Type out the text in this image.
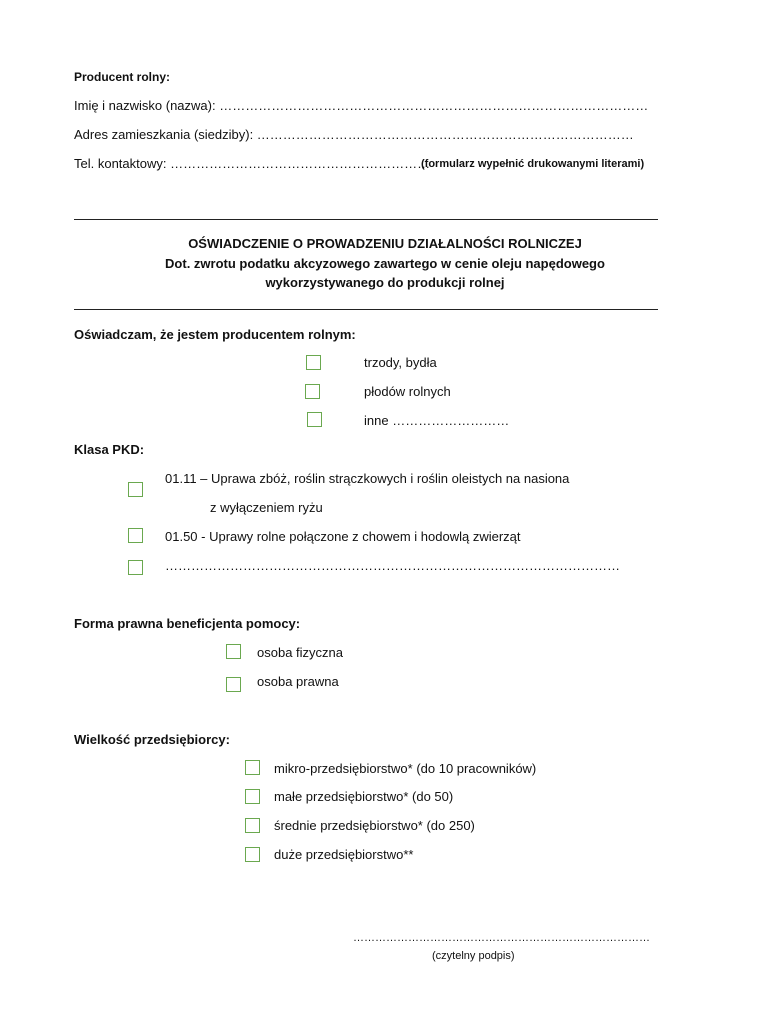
Producent rolny:
Imię i nazwisko (nazwa): ………………………………………………………………………………………
Adres zamieszkania (siedziby): ……………………………………………………………………………
Tel. kontaktowy: ……………………………………………………
(formularz wypełnić drukowanymi literami)
OŚWIADCZENIE O PROWADZENIU DZIAŁALNOŚCI ROLNICZEJ
Dot. zwrotu podatku akcyzowego zawartego w cenie oleju napędowego
wykorzystywanego do produkcji rolnej
Oświadczam, że jestem producentem rolnym:
trzody, bydła
płodów rolnych
inne ………………………
Klasa PKD:
01.11 – Uprawa zbóż, roślin strączkowych i roślin oleistych na nasiona
z wyłączeniem ryżu
01.50 - Uprawy rolne połączone z chowem i hodowlą zwierząt
……………………………………………………………………………………………
Forma prawna beneficjenta pomocy:
osoba fizyczna
osoba prawna
Wielkość przedsiębiorcy:
mikro-przedsiębiorstwo* (do 10 pracowników)
małe przedsiębiorstwo* (do 50)
średnie przedsiębiorstwo* (do 250)
duże przedsiębiorstwo**
………………………………………………………………………
(czytelny podpis)
